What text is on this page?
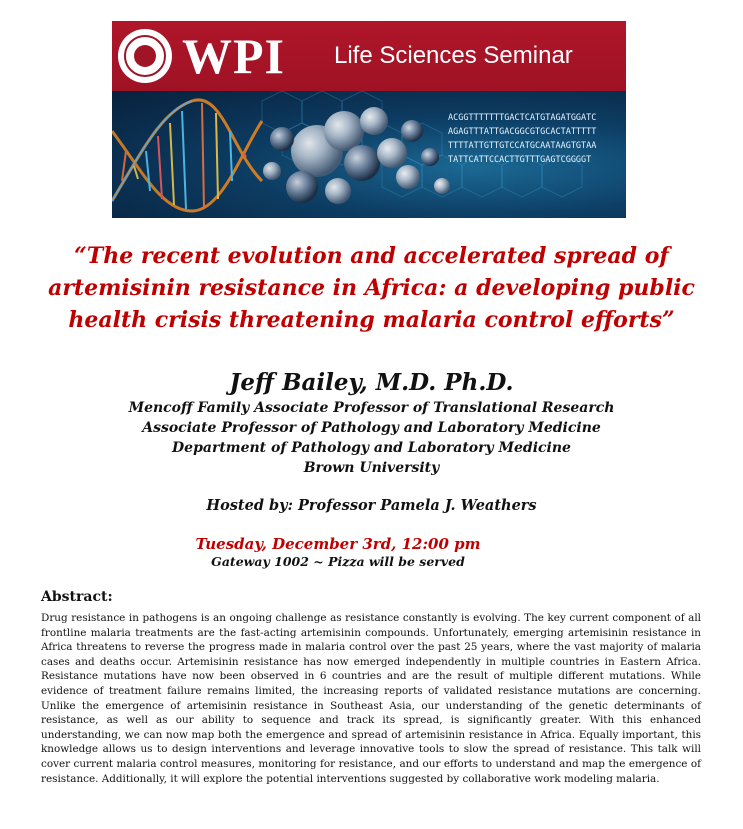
WPI Life Sciences Seminar
ACGGTTTTTTTGACTCATGTAGATGGATC
AGAGTTTATTGACGGCGTGCACTATTTTT
TTTTATTGTTGTCCATGCAATAAGTGTAA
TATTCATTCCACTTGTTTGAGTCGGGGT
“The recent evolution and accelerated spread of
artemisinin resistance in Africa: a developing public
health crisis threatening malaria control efforts”
Jeff Bailey, M.D. Ph.D.
Mencoff Family Associate Professor of Translational Research
Associate Professor of Pathology and Laboratory Medicine
Department of Pathology and Laboratory Medicine
Brown University
Hosted by: Professor Pamela J. Weathers
Tuesday, December 3rd, 12:00 pm
Gateway 1002 ~ Pizza will be served
Abstract:
Drug resistance in pathogens is an ongoing challenge as resistance constantly is evolving. The key current component of all frontline malaria treatments are the fast-acting artemisinin compounds. Unfortunately, emerging artemisinin resistance in Africa threatens to reverse the progress made in malaria control over the past 25 years, where the vast majority of malaria cases and deaths occur. Artemisinin resistance has now emerged independently in multiple countries in Eastern Africa. Resistance mutations have now been observed in 6 countries and are the result of multiple different mutations. While evidence of treatment failure remains limited, the increasing reports of validated resistance mutations are concerning. Unlike the emergence of artemisinin resistance in Southeast Asia, our understanding of the genetic determinants of resistance, as well as our ability to sequence and track its spread, is significantly greater. With this enhanced understanding, we can now map both the emergence and spread of artemisinin resistance in Africa. Equally important, this knowledge allows us to design interventions and leverage innovative tools to slow the spread of resistance. This talk will cover current malaria control measures, monitoring for resistance, and our efforts to understand and map the emergence of resistance. Additionally, it will explore the potential interventions suggested by collaborative work modeling malaria.
